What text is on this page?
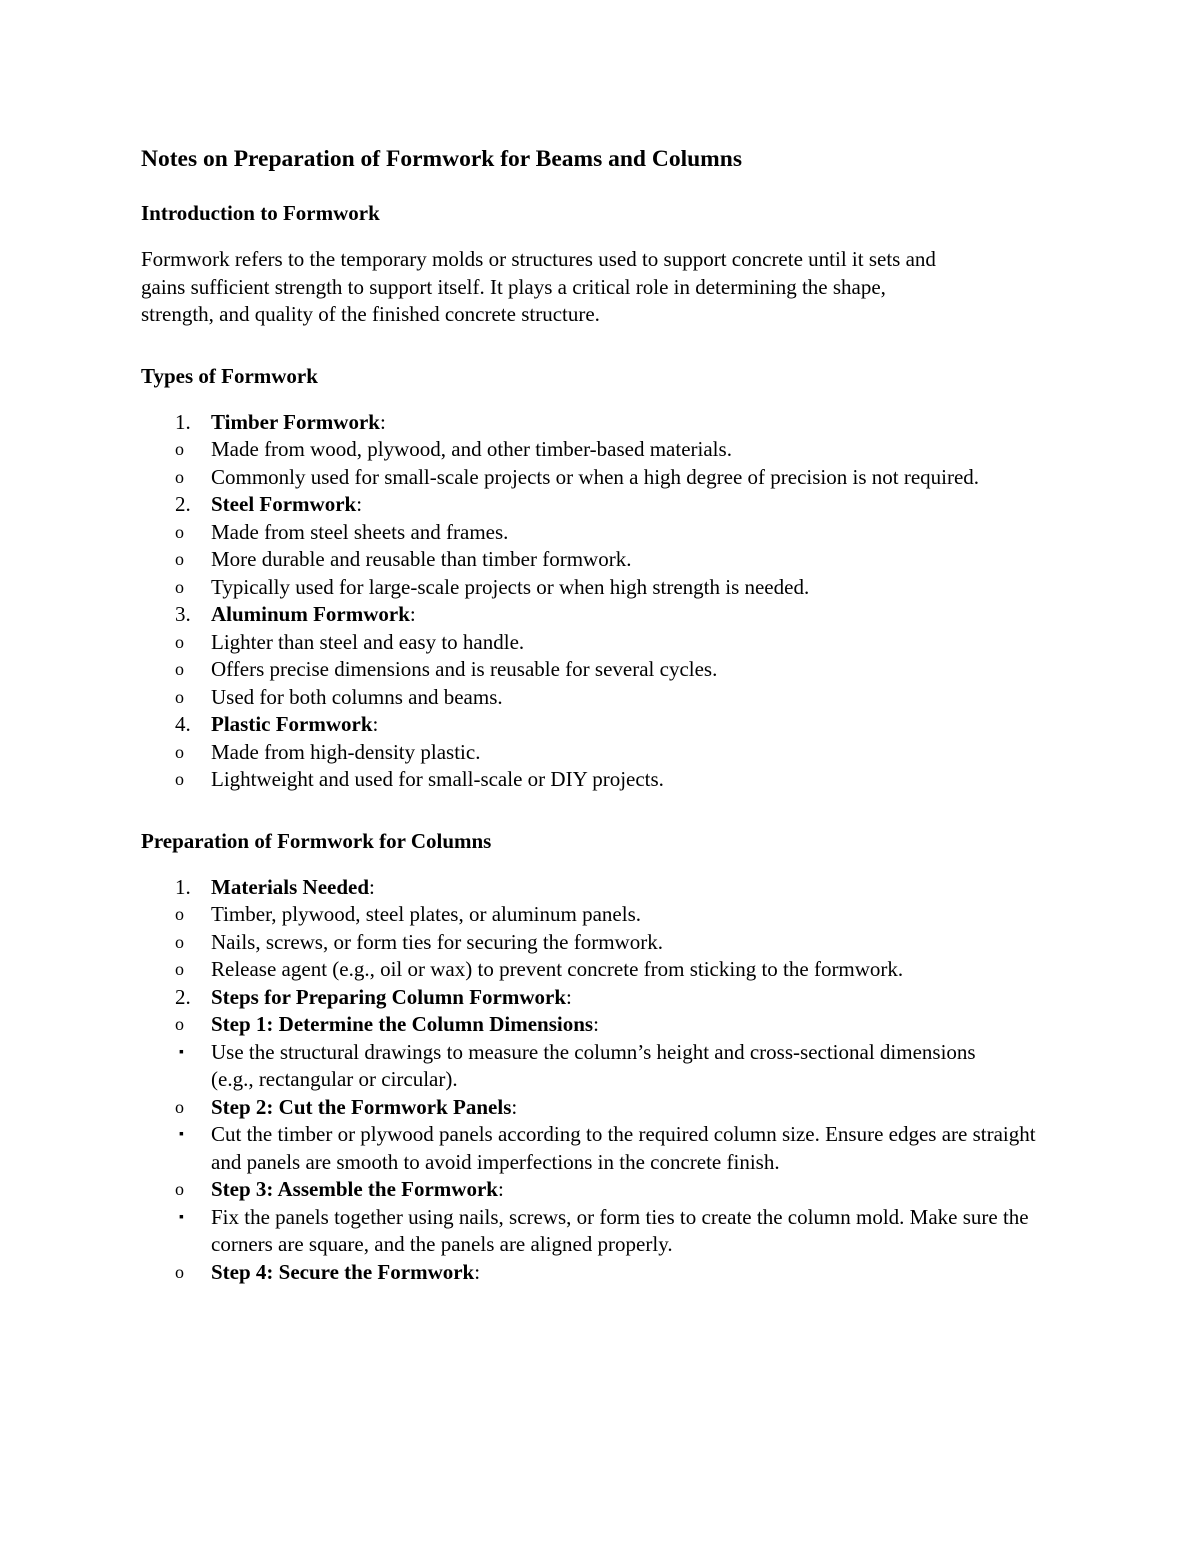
Notes on Preparation of Formwork for Beams and Columns
Introduction to Formwork

Formwork refers to the temporary molds or structures used to support concrete until it sets and
gains sufficient strength to support itself. It plays a critical role in determining the shape,
strength, and quality of the finished concrete structure.

Types of Formwork
1. Timber Formwork:
o Made from wood, plywood, and other timber-based materials.
o Commonly used for small-scale projects or when a high degree of precision is not required.
2. Steel Formwork:
o Made from steel sheets and frames.
o More durable and reusable than timber formwork.
o Typically used for large-scale projects or when high strength is needed.
3. Aluminum Formwork:
o Lighter than steel and easy to handle.
o Offers precise dimensions and is reusable for several cycles.
o Used for both columns and beams.
4. Plastic Formwork:
o Made from high-density plastic.
o Lightweight and used for small-scale or DIY projects.
Preparation of Formwork for Columns
1. Materials Needed:
o Timber, plywood, steel plates, or aluminum panels.
o Nails, screws, or form ties for securing the formwork.
o Release agent (e.g., oil or wax) to prevent concrete from sticking to the formwork.
2. Steps for Preparing Column Formwork:
o Step 1: Determine the Column Dimensions:
▪ Use the structural drawings to measure the column’s height and cross-sectional dimensions (e.g., rectangular or circular).
o Step 2: Cut the Formwork Panels:
▪ Cut the timber or plywood panels according to the required column size. Ensure edges are straight and panels are smooth to avoid imperfections in the concrete finish.
o Step 3: Assemble the Formwork:
▪ Fix the panels together using nails, screws, or form ties to create the column mold. Make sure the corners are square, and the panels are aligned properly.
o Step 4: Secure the Formwork:
